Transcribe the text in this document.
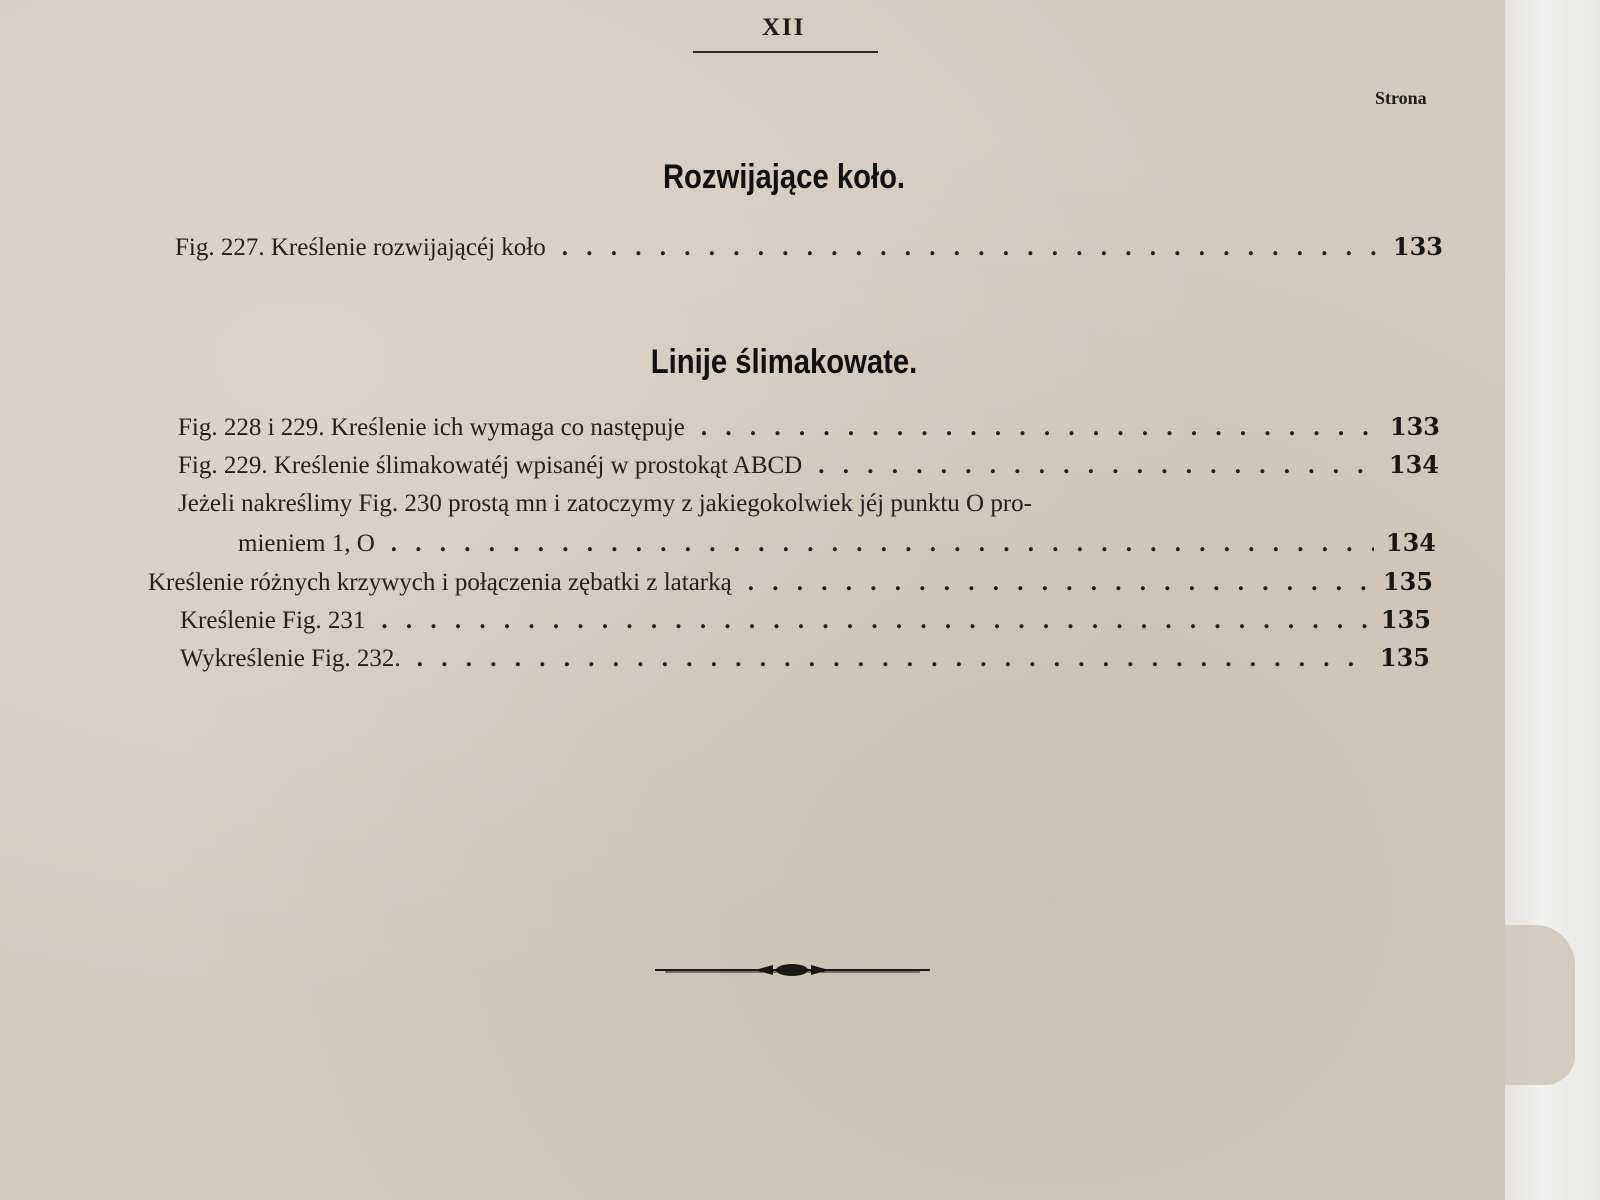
XII
Strona
Rozwijające koło.
Fig. 227. Kreślenie rozwijającéj koło . . .	133
Linije ślimakowate.
Fig. 228 i 229. Kreślenie ich wymaga co następuje . . .	133
Fig. 229. Kreślenie ślimakowatéj wpisanéj w prostokąt ABCD . . .	134
Jeżeli nakreślimy Fig. 230 prostą mn i zatoczymy z jakiegokolwiek jéj punktu O pro-
mieniem 1, O . . .	134
Kreślenie różnych krzywych i połączenia zębatki z latarką . . .	135
Kreślenie Fig. 231 . . .	135
Wykreślenie Fig. 232. . . .	135
